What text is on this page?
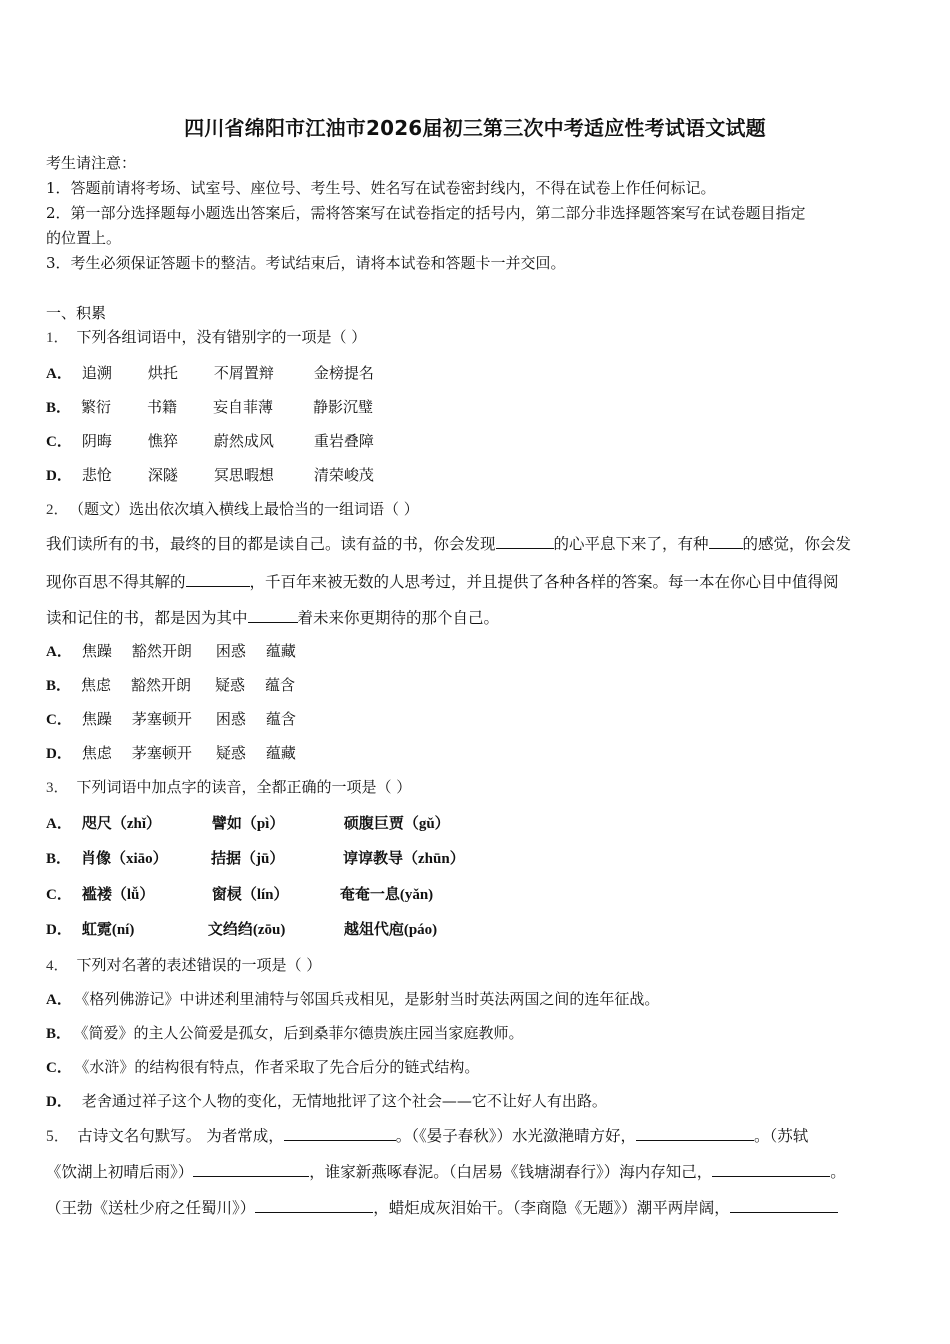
四川省绵阳市江油市2026届初三第三次中考适应性考试语文试题
考生请注意：
1．答题前请将考场、试室号、座位号、考生号、姓名写在试卷密封线内，不得在试卷上作任何标记。
2．第一部分选择题每小题选出答案后，需将答案写在试卷指定的括号内，第二部分非选择题答案写在试卷题目指定
的位置上。
3．考生必须保证答题卡的整洁。考试结束后，请将本试卷和答题卡一并交回。
一、积累
1． 下列各组词语中，没有错别字的一项是（ ）
A． 追溯 烘托 不屑置辩	金榜提名
B． 繁衍 书籍 妄自菲薄	静影沉璧
C． 阴晦 憔猝 蔚然成风	重岩叠障
D． 悲怆 深隧 冥思暇想	清荣峻茂
2． （题文）选出依次填入横线上最恰当的一组词语（ ）
我们读所有的书，最终的目的都是读自己。读有益的书，你会发现	的心平息下来了，有种 的感觉，你会发
现你百思不得其解的	，千百年来被无数的人思考过，并且提供了各种各样的答案。每一本在你心目中值得阅
读和记住的书，都是因为其中	着未来你更期待的那个自己。
A． 焦躁 豁然开朗 困惑 蕴藏
B． 焦虑 豁然开朗 疑惑 蕴含
C． 焦躁 茅塞顿开 困惑 蕴含
D． 焦虑 茅塞顿开 疑惑 蕴藏
3． 下列词语中加点字的读音，全都正确的一项是（ ）
A． 咫尺（zhǐ）	譬如（pì）	硕腹巨贾（gǔ）
B． 肖像（xiāo）	拮据（jū）	谆谆教导（zhūn）
C． 褴褛（lǚ）	窗棂（lín）	奄奄一息(yǎn)
D． 虹霓(ní)	文绉绉(zōu)	越俎代庖(páo)
4． 下列对名著的表述错误的一项是（ ）
A． 《格列佛游记》中讲述利里浦特与邻国兵戎相见，是影射当时英法两国之间的连年征战。
B． 《简爱》的主人公简爱是孤女，后到桑菲尔德贵族庄园当家庭教师。
C． 《水浒》的结构很有特点，作者采取了先合后分的链式结构。
D． 老舍通过祥子这个人物的变化，无情地批评了这个社会——它不让好人有出路。
5． 古诗文名句默写。 为者常成，	。（《晏子春秋》）水光潋滟晴方好，	。（苏轼
《饮湖上初晴后雨》）	，谁家新燕啄春泥。（白居易《钱塘湖春行》）海内存知己，	。
（王勃《送杜少府之任蜀川》）	，蜡炬成灰泪始干。（李商隐《无题》）潮平两岸阔，
